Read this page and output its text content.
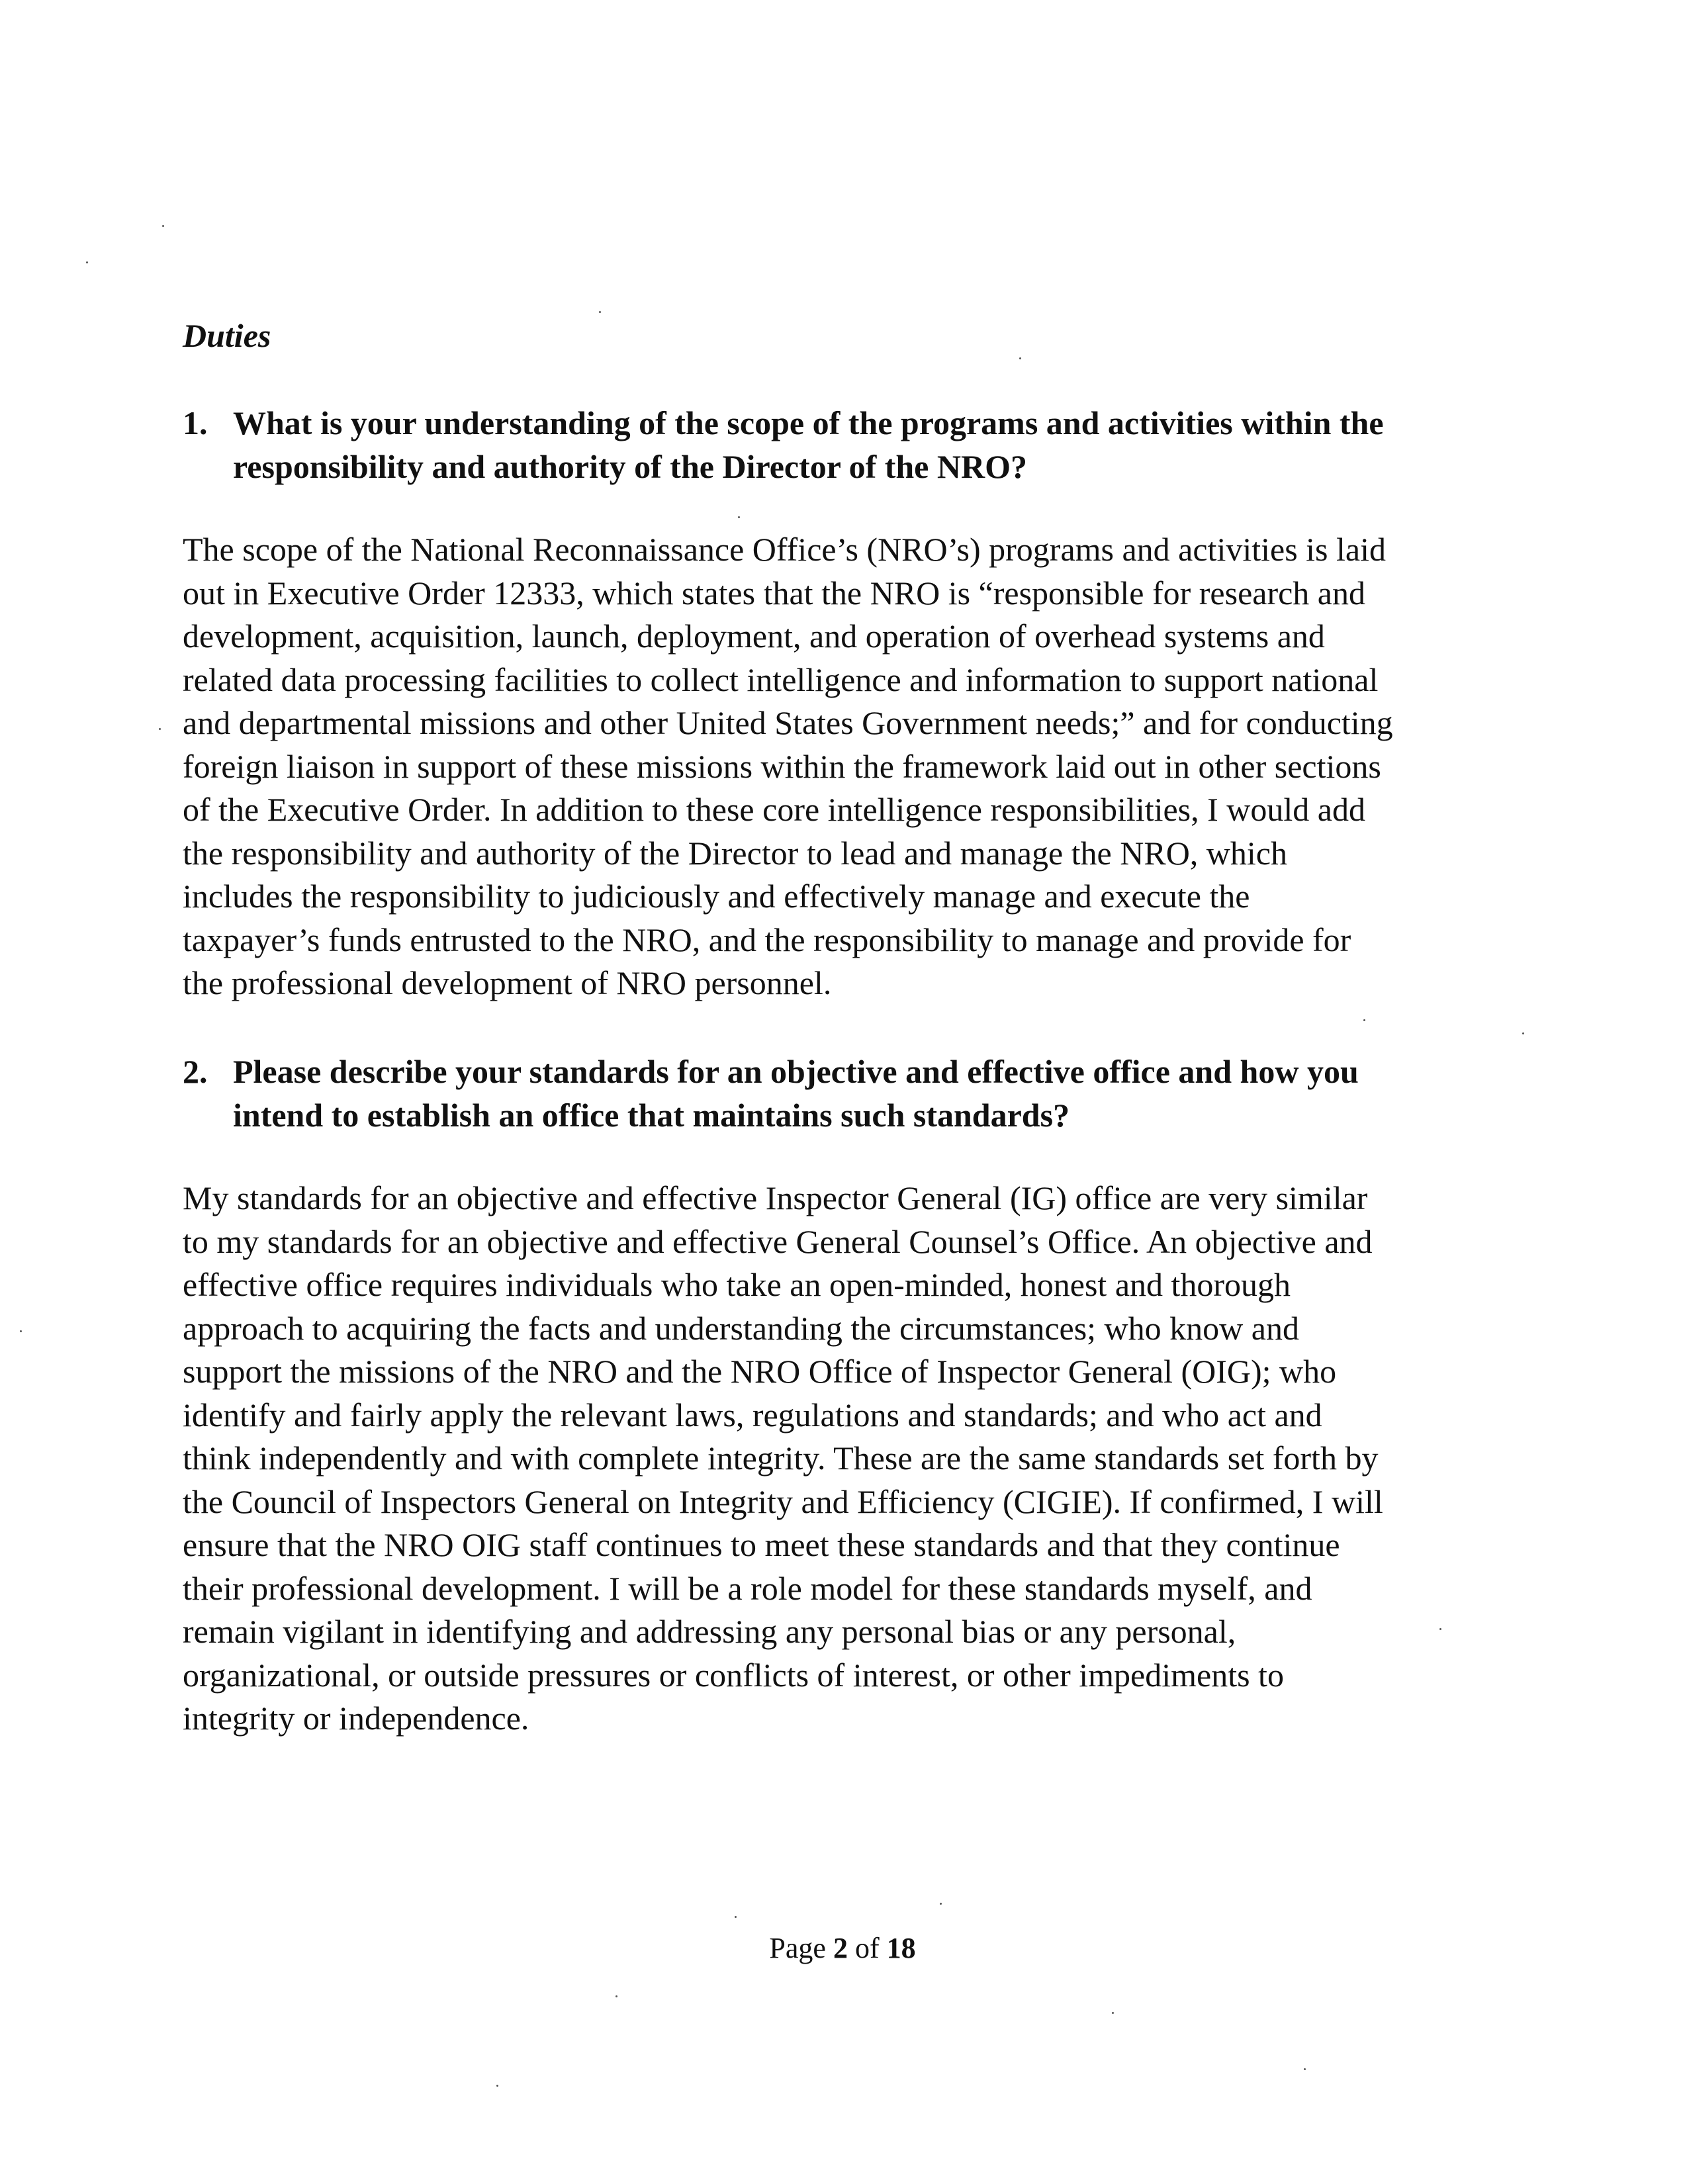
Duties
1. What is your understanding of the scope of the programs and activities within the
responsibility and authority of the Director of the NRO?
The scope of the National Reconnaissance Office’s (NRO’s) programs and activities is laid
out in Executive Order 12333, which states that the NRO is “responsible for research and
development, acquisition, launch, deployment, and operation of overhead systems and
related data processing facilities to collect intelligence and information to support national
and departmental missions and other United States Government needs;” and for conducting
foreign liaison in support of these missions within the framework laid out in other sections
of the Executive Order. In addition to these core intelligence responsibilities, I would add
the responsibility and authority of the Director to lead and manage the NRO, which
includes the responsibility to judiciously and effectively manage and execute the
taxpayer’s funds entrusted to the NRO, and the responsibility to manage and provide for
the professional development of NRO personnel.
2. Please describe your standards for an objective and effective office and how you
intend to establish an office that maintains such standards?
My standards for an objective and effective Inspector General (IG) office are very similar
to my standards for an objective and effective General Counsel’s Office. An objective and
effective office requires individuals who take an open-minded, honest and thorough
approach to acquiring the facts and understanding the circumstances; who know and
support the missions of the NRO and the NRO Office of Inspector General (OIG); who
identify and fairly apply the relevant laws, regulations and standards; and who act and
think independently and with complete integrity. These are the same standards set forth by
the Council of Inspectors General on Integrity and Efficiency (CIGIE). If confirmed, I will
ensure that the NRO OIG staff continues to meet these standards and that they continue
their professional development. I will be a role model for these standards myself, and
remain vigilant in identifying and addressing any personal bias or any personal,
organizational, or outside pressures or conflicts of interest, or other impediments to
integrity or independence.
Page 2 of 18
